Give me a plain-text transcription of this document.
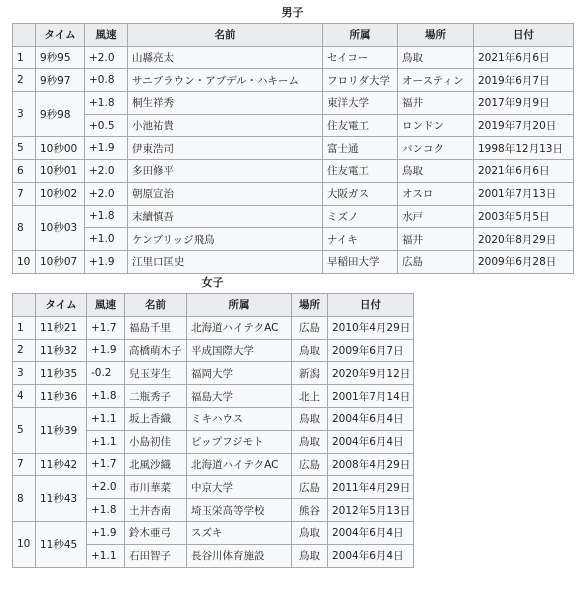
男子
	タイム	風速	名前	所属	場所	日付
1	9秒95	+2.0	山縣亮太	セイコー	鳥取	2021年6月6日
2	9秒97	+0.8	サニブラウン・アブデル・ハキーム	フロリダ大学	オースティン	2019年6月7日
3	9秒98	+1.8	桐生祥秀	東洋大学	福井	2017年9月9日
		+0.5	小池祐貴	住友電工	ロンドン	2019年7月20日
5	10秒00	+1.9	伊東浩司	富士通	バンコク	1998年12月13日
6	10秒01	+2.0	多田修平	住友電工	鳥取	2021年6月6日
7	10秒02	+2.0	朝原宣治	大阪ガス	オスロ	2001年7月13日
8	10秒03	+1.8	末續慎吾	ミズノ	水戸	2003年5月5日
		+1.0	ケンブリッジ飛鳥	ナイキ	福井	2020年8月29日
10	10秒07	+1.9	江里口匡史	早稲田大学	広島	2009年6月28日
女子
	タイム	風速	名前	所属	場所	日付
1	11秒21	+1.7	福島千里	北海道ハイテクAC	広島	2010年4月29日
2	11秒32	+1.9	高橋萌木子	平成国際大学	鳥取	2009年6月7日
3	11秒35	-0.2	兒玉芽生	福岡大学	新潟	2020年9月12日
4	11秒36	+1.8	二瓶秀子	福島大学	北上	2001年7月14日
5	11秒39	+1.1	坂上香織	ミキハウス	鳥取	2004年6月4日
		+1.1	小島初佳	ピップフジモト	鳥取	2004年6月4日
7	11秒42	+1.7	北風沙織	北海道ハイテクAC	広島	2008年4月29日
8	11秒43	+2.0	市川華菜	中京大学	広島	2011年4月29日
		+1.8	土井杏南	埼玉栄高等学校	熊谷	2012年5月13日
10	11秒45	+1.9	鈴木亜弓	スズキ	鳥取	2004年6月4日
		+1.1	石田智子	長谷川体育施設	鳥取	2004年6月4日
